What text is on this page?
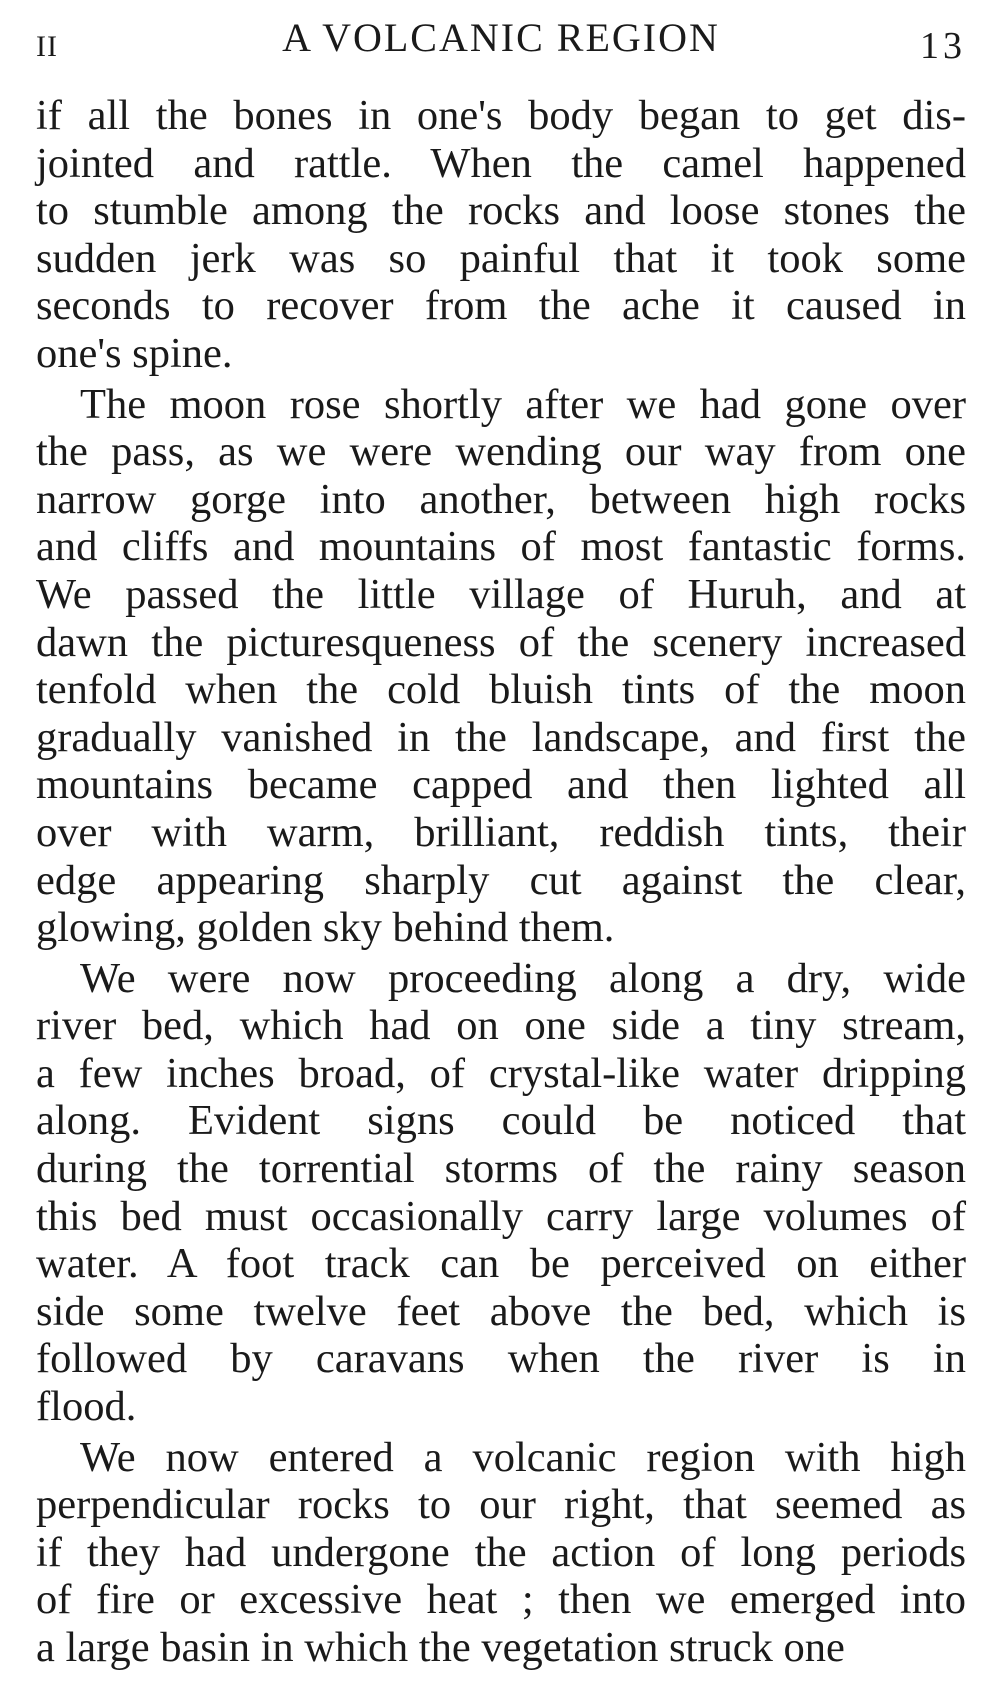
II	A VOLCANIC REGION	13
if all the bones in one's body began to get dis-
jointed and rattle. When the camel happened
to stumble among the rocks and loose stones the
sudden jerk was so painful that it took some
seconds to recover from the ache it caused in
one's spine.
The moon rose shortly after we had gone over
the pass, as we were wending our way from one
narrow gorge into another, between high rocks
and cliffs and mountains of most fantastic forms.
We passed the little village of Huruh, and at
dawn the picturesqueness of the scenery increased
tenfold when the cold bluish tints of the moon
gradually vanished in the landscape, and first the
mountains became capped and then lighted all
over with warm, brilliant, reddish tints, their
edge appearing sharply cut against the clear,
glowing, golden sky behind them.
We were now proceeding along a dry, wide
river bed, which had on one side a tiny stream,
a few inches broad, of crystal-like water dripping
along. Evident signs could be noticed that
during the torrential storms of the rainy season
this bed must occasionally carry large volumes of
water. A foot track can be perceived on either
side some twelve feet above the bed, which is
followed by caravans when the river is in
flood.
We now entered a volcanic region with high
perpendicular rocks to our right, that seemed as
if they had undergone the action of long periods
of fire or excessive heat ; then we emerged into
a large basin in which the vegetation struck one
